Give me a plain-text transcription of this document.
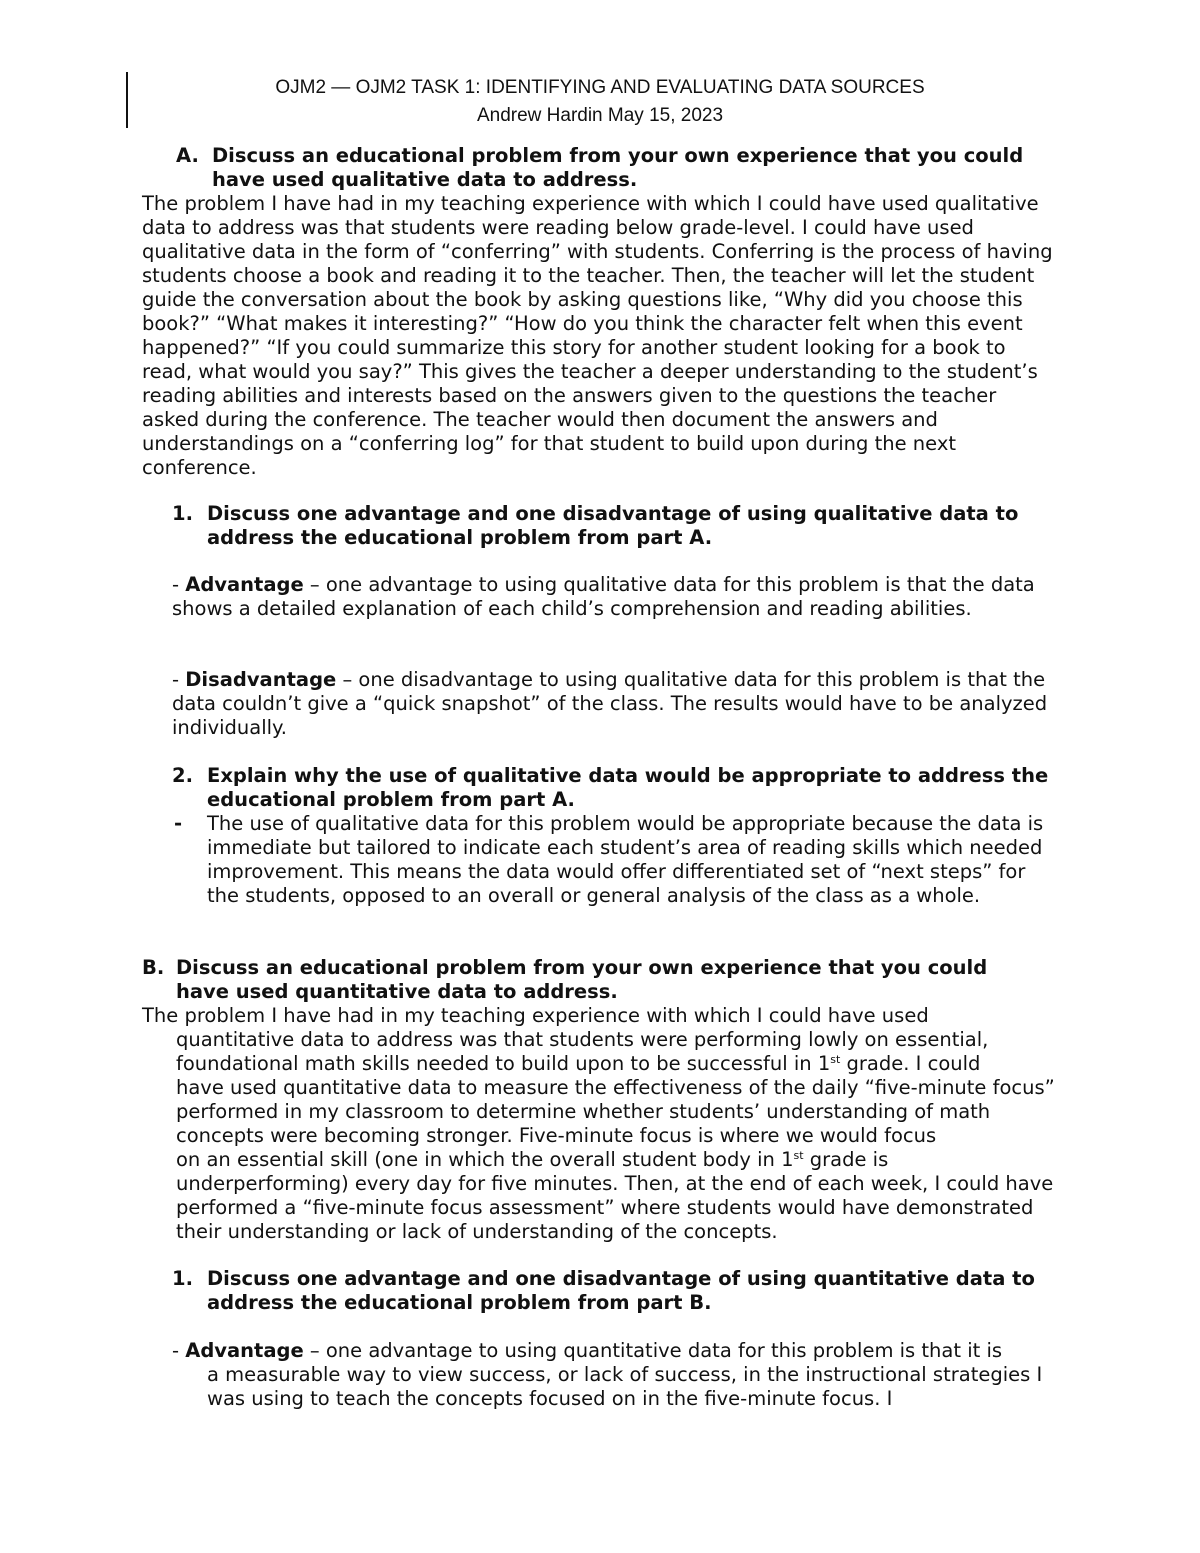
OJM2 — OJM2 TASK 1: IDENTIFYING AND EVALUATING DATA SOURCES
Andrew Hardin May 15, 2023
A. Discuss an educational problem from your own experience that you could have used qualitative data to address.

The problem I have had in my teaching experience with which I could have used qualitative data to address was that students were reading below grade-level. I could have used qualitative data in the form of “conferring” with students. Conferring is the process of having students choose a book and reading it to the teacher. Then, the teacher will let the student guide the conversation about the book by asking questions like, “Why did you choose this book?” “What makes it interesting?” “How do you think the character felt when this event happened?” “If you could summarize this story for another student looking for a book to read, what would you say?” This gives the teacher a deeper understanding to the student’s reading abilities and interests based on the answers given to the questions the teacher asked during the conference. The teacher would then document the answers and understandings on a “conferring log” for that student to build upon during the next conference.

1. Discuss one advantage and one disadvantage of using qualitative data to address the educational problem from part A.

- Advantage – one advantage to using qualitative data for this problem is that the data shows a detailed explanation of each child’s comprehension and reading abilities.

- Disadvantage – one disadvantage to using qualitative data for this problem is that the data couldn’t give a “quick snapshot” of the class. The results would have to be analyzed individually.

2. Explain why the use of qualitative data would be appropriate to address the educational problem from part A.

- The use of qualitative data for this problem would be appropriate because the data is immediate but tailored to indicate each student’s area of reading skills which needed improvement. This means the data would offer differentiated set of “next steps” for the students, opposed to an overall or general analysis of the class as a whole.

B. Discuss an educational problem from your own experience that you could have used quantitative data to address.

The problem I have had in my teaching experience with which I could have used

quantitative data to address was that students were performing lowly on essential,

foundational math skills needed to build upon to be successful in 1st grade. I could

have used quantitative data to measure the effectiveness of the daily “five-minute focus” performed in my classroom to determine whether students’ understanding of math concepts were becoming stronger. Five-minute focus is where we would focus

on an essential skill (one in which the overall student body in 1st grade is

underperforming) every day for five minutes. Then, at the end of each week, I could have performed a “five-minute focus assessment” where students would have demonstrated their understanding or lack of understanding of the concepts.

1. Discuss one advantage and one disadvantage of using quantitative data to address the educational problem from part B.

- Advantage – one advantage to using quantitative data for this problem is that it is

a measurable way to view success, or lack of success, in the instructional strategies I was using to teach the concepts focused on in the five-minute focus. I
